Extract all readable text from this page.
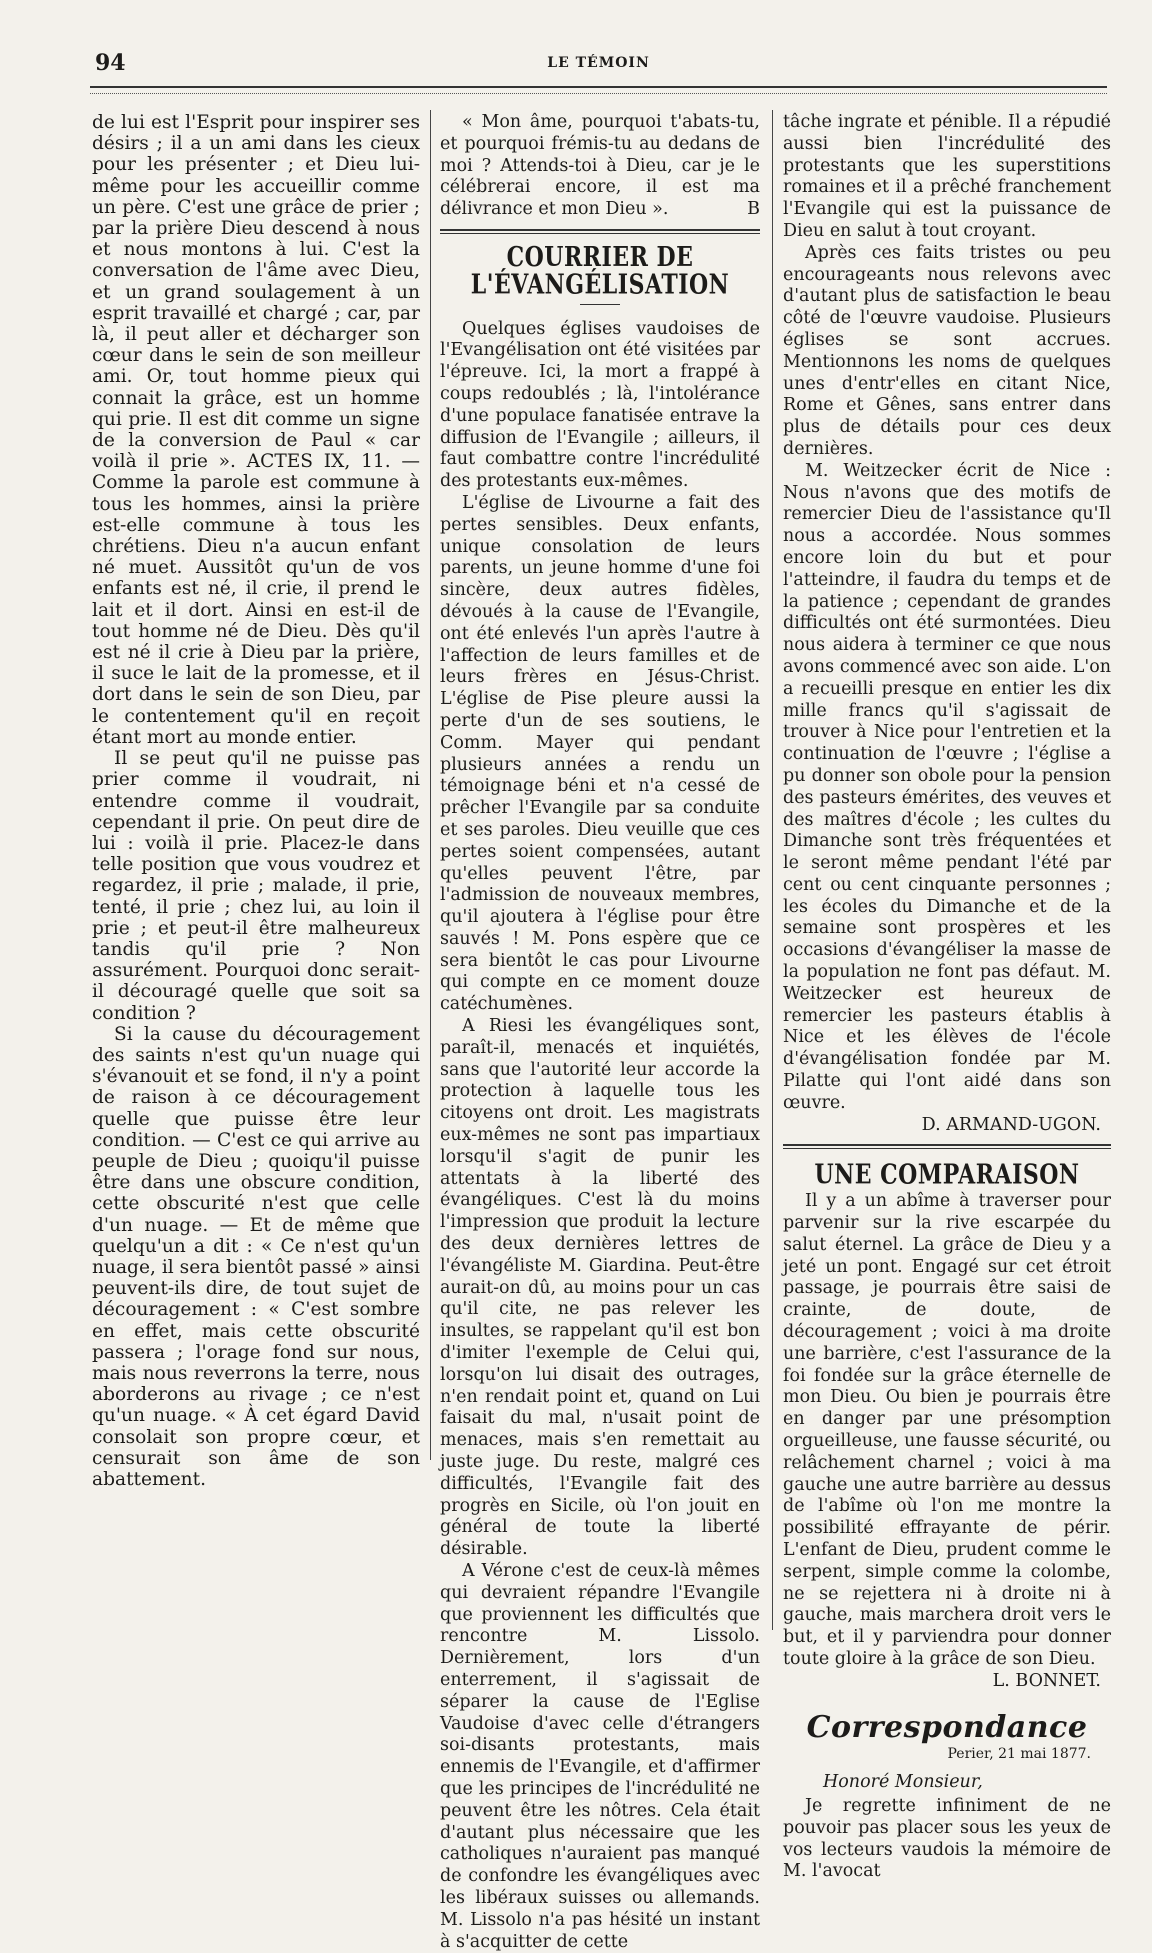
94	LE TÉMOIN

de lui est l'Esprit pour inspirer ses désirs ; il a un ami dans les cieux pour les présenter ; et Dieu lui-même pour les accueillir comme un père. C'est une grâce de prier ; par la prière Dieu descend à nous et nous montons à lui. C'est la conversation de l'âme avec Dieu, et un grand soulagement à un esprit travaillé et chargé ; car, par là, il peut aller et décharger son cœur dans le sein de son meilleur ami. Or, tout homme pieux qui connait la grâce, est un homme qui prie. Il est dit comme un signe de la conversion de Paul « car voilà il prie ». ACTES IX, 11. — Comme la parole est commune à tous les hommes, ainsi la prière est-elle commune à tous les chrétiens. Dieu n'a aucun enfant né muet. Aussitôt qu'un de vos enfants est né, il crie, il prend le lait et il dort. Ainsi en est-il de tout homme né de Dieu. Dès qu'il est né il crie à Dieu par la prière, il suce le lait de la promesse, et il dort dans le sein de son Dieu, par le contentement qu'il en reçoit étant mort au monde entier.

Il se peut qu'il ne puisse pas prier comme il voudrait, ni entendre comme il voudrait, cependant il prie. On peut dire de lui : voilà il prie. Placez-le dans telle position que vous voudrez et regardez, il prie ; malade, il prie, tenté, il prie ; chez lui, au loin il prie ; et peut-il être malheureux tandis qu'il prie ? Non assurément. Pourquoi donc serait-il découragé quelle que soit sa condition ?

Si la cause du découragement des saints n'est qu'un nuage qui s'évanouit et se fond, il n'y a point de raison à ce découragement quelle que puisse être leur condition. — C'est ce qui arrive au peuple de Dieu ; quoiqu'il puisse être dans une obscure condition, cette obscurité n'est que celle d'un nuage. — Et de même que quelqu'un a dit : « Ce n'est qu'un nuage, il sera bientôt passé » ainsi peuvent-ils dire, de tout sujet de découragement : « C'est sombre en effet, mais cette obscurité passera ; l'orage fond sur nous, mais nous reverrons la terre, nous aborderons au rivage ; ce n'est qu'un nuage. « À cet égard David consolait son propre cœur, et censurait son âme de son abattement.

« Mon âme, pourquoi t'abats-tu, et pourquoi frémis-tu au dedans de moi ? Attends-toi à Dieu, car je le célébrerai encore, il est ma délivrance et mon Dieu ».	B

COURRIER DE L'ÉVANGÉLISATION

Quelques églises vaudoises de l'Evangélisation ont été visitées par l'épreuve. Ici, la mort a frappé à coups redoublés ; là, l'intolérance d'une populace fanatisée entrave la diffusion de l'Evangile ; ailleurs, il faut combattre contre l'incrédulité des protestants eux-mêmes.

L'église de Livourne a fait des pertes sensibles. Deux enfants, unique consolation de leurs parents, un jeune homme d'une foi sincère, deux autres fidèles, dévoués à la cause de l'Evangile, ont été enlevés l'un après l'autre à l'affection de leurs familles et de leurs frères en Jésus-Christ. L'église de Pise pleure aussi la perte d'un de ses soutiens, le Comm. Mayer qui pendant plusieurs années a rendu un témoignage béni et n'a cessé de prêcher l'Evangile par sa conduite et ses paroles. Dieu veuille que ces pertes soient compensées, autant qu'elles peuvent l'être, par l'admission de nouveaux membres, qu'il ajoutera à l'église pour être sauvés ! M. Pons espère que ce sera bientôt le cas pour Livourne qui compte en ce moment douze catéchumènes.

A Riesi les évangéliques sont, paraît-il, menacés et inquiétés, sans que l'autorité leur accorde la protection à laquelle tous les citoyens ont droit. Les magistrats eux-mêmes ne sont pas impartiaux lorsqu'il s'agit de punir les attentats à la liberté des évangéliques. C'est là du moins l'impression que produit la lecture des deux dernières lettres de l'évangéliste M. Giardina. Peut-être aurait-on dû, au moins pour un cas qu'il cite, ne pas relever les insultes, se rappelant qu'il est bon d'imiter l'exemple de Celui qui, lorsqu'on lui disait des outrages, n'en rendait point et, quand on Lui faisait du mal, n'usait point de menaces, mais s'en remettait au juste juge. Du reste, malgré ces difficultés, l'Evangile fait des progrès en Sicile, où l'on jouit en général de toute la liberté désirable.

A Vérone c'est de ceux-là mêmes qui devraient répandre l'Evangile que proviennent les difficultés que rencontre M. Lissolo. Dernièrement, lors d'un enterrement, il s'agissait de séparer la cause de l'Eglise Vaudoise d'avec celle d'étrangers soi-disants protestants, mais ennemis de l'Evangile, et d'affirmer que les principes de l'incrédulité ne peuvent être les nôtres. Cela était d'autant plus nécessaire que les catholiques n'auraient pas manqué de confondre les évangéliques avec les libéraux suisses ou allemands. M. Lissolo n'a pas hésité un instant à s'acquitter de cette

tâche ingrate et pénible. Il a répudié aussi bien l'incrédulité des protestants que les superstitions romaines et il a prêché franchement l'Evangile qui est la puissance de Dieu en salut à tout croyant.

Après ces faits tristes ou peu encourageants nous relevons avec d'autant plus de satisfaction le beau côté de l'œuvre vaudoise. Plusieurs églises se sont accrues. Mentionnons les noms de quelques unes d'entr'elles en citant Nice, Rome et Gênes, sans entrer dans plus de détails pour ces deux dernières.

M. Weitzecker écrit de Nice : Nous n'avons que des motifs de remercier Dieu de l'assistance qu'Il nous a accordée. Nous sommes encore loin du but et pour l'atteindre, il faudra du temps et de la patience ; cependant de grandes difficultés ont été surmontées. Dieu nous aidera à terminer ce que nous avons commencé avec son aide. L'on a recueilli presque en entier les dix mille francs qu'il s'agissait de trouver à Nice pour l'entretien et la continuation de l'œuvre ; l'église a pu donner son obole pour la pension des pasteurs émérites, des veuves et des maîtres d'école ; les cultes du Dimanche sont très fréquentées et le seront même pendant l'été par cent ou cent cinquante personnes ; les écoles du Dimanche et de la semaine sont prospères et les occasions d'évangéliser la masse de la population ne font pas défaut. M. Weitzecker est heureux de remercier les pasteurs établis à Nice et les élèves de l'école d'évangélisation fondée par M. Pilatte qui l'ont aidé dans son œuvre.

D. ARMAND-UGON.

UNE COMPARAISON

Il y a un abîme à traverser pour parvenir sur la rive escarpée du salut éternel. La grâce de Dieu y a jeté un pont. Engagé sur cet étroit passage, je pourrais être saisi de crainte, de doute, de découragement ; voici à ma droite une barrière, c'est l'assurance de la foi fondée sur la grâce éternelle de mon Dieu. Ou bien je pourrais être en danger par une présomption orgueilleuse, une fausse sécurité, ou relâchement charnel ; voici à ma gauche une autre barrière au dessus de l'abîme où l'on me montre la possibilité effrayante de périr. L'enfant de Dieu, prudent comme le serpent, simple comme la colombe, ne se rejettera ni à droite ni à gauche, mais marchera droit vers le but, et il y parviendra pour donner toute gloire à la grâce de son Dieu.

L. BONNET.

Correspondance
Perier, 21 mai 1877.
Honoré Monsieur,

Je regrette infiniment de ne pouvoir pas placer sous les yeux de vos lecteurs vaudois la mémoire de M. l'avocat
